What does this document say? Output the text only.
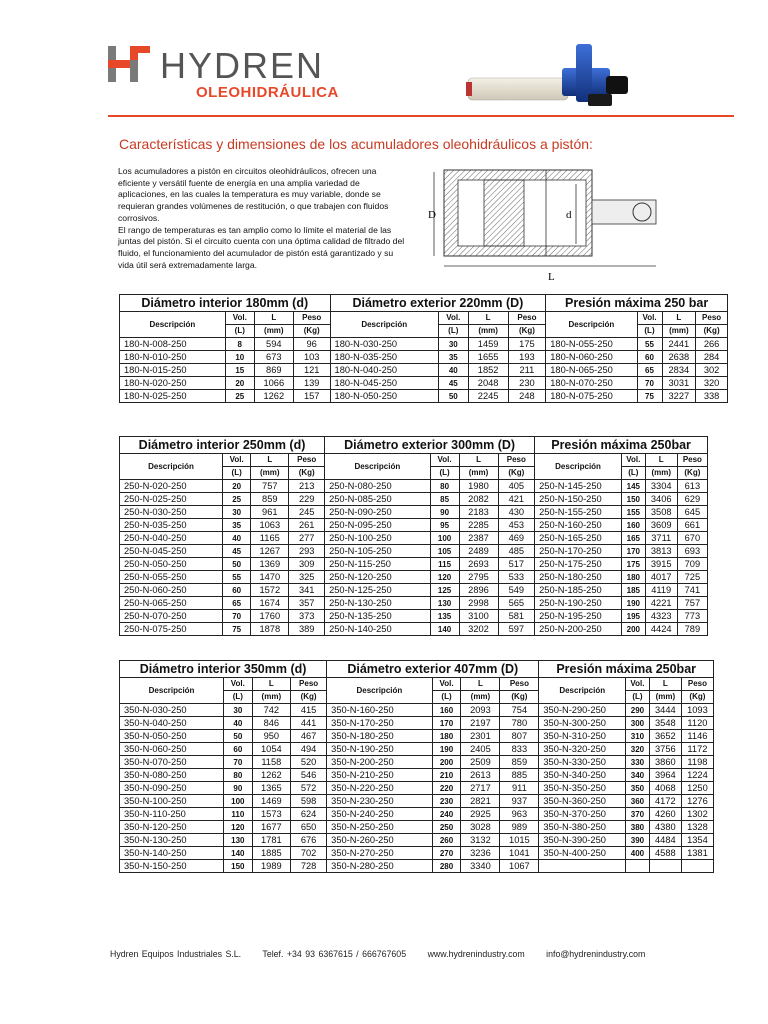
HYDREN
OLEOHIDRÁULICA
Características y dimensiones de los acumuladores oleohidráulicos a pistón:

Los acumuladores a pistón en circuitos oleohidráulicos, ofrecen una eficiente y versátil fuente de energía en una amplia variedad de aplicaciones, en las cuales la temperatura es muy variable, donde se requieran grandes volúmenes de restitución, o que trabajen con fluidos corrosivos.

El rango de temperaturas es tan amplio como lo límite el material de las juntas del pistón. Si el circuito cuenta con una óptima calidad de filtrado del fluido, el funcionamiento del acumulador de pistón está garantizado y su vida útil será extremadamente larga.

D	d
L
Diámetro interior 180mm (d)				Diámetro exterior 220mm (D)				Presión máxima 250 bar			
Descripción	Vol.	L	Peso	Descripción	Vol.	L	Peso	Descripción	Vol.	L	Peso
	(L)	(mm)	(Kg)		(L)	(mm)	(Kg)		(L)	(mm)	(Kg)
180-N-008-250	8	594	96	180-N-030-250	30	1459	175	180-N-055-250	55	2441	266
180-N-010-250	10	673	103	180-N-035-250	35	1655	193	180-N-060-250	60	2638	284
180-N-015-250	15	869	121	180-N-040-250	40	1852	211	180-N-065-250	65	2834	302
180-N-020-250	20	1066	139	180-N-045-250	45	2048	230	180-N-070-250	70	3031	320
180-N-025-250	25	1262	157	180-N-050-250	50	2245	248	180-N-075-250	75	3227	338
Diámetro interior 250mm (d)				Diámetro exterior 300mm (D)				Presión máxima 250bar			
Descripción	Vol.	L	Peso	Descripción	Vol.	L	Peso	Descripción	Vol.	L	Peso
	(L)	(mm)	(Kg)		(L)	(mm)	(Kg)		(L)	(mm)	(Kg)
250-N-020-250	20	757	213	250-N-080-250	80	1980	405	250-N-145-250	145	3304	613
250-N-025-250	25	859	229	250-N-085-250	85	2082	421	250-N-150-250	150	3406	629
250-N-030-250	30	961	245	250-N-090-250	90	2183	430	250-N-155-250	155	3508	645
250-N-035-250	35	1063	261	250-N-095-250	95	2285	453	250-N-160-250	160	3609	661
250-N-040-250	40	1165	277	250-N-100-250	100	2387	469	250-N-165-250	165	3711	670
250-N-045-250	45	1267	293	250-N-105-250	105	2489	485	250-N-170-250	170	3813	693
250-N-050-250	50	1369	309	250-N-115-250	115	2693	517	250-N-175-250	175	3915	709
250-N-055-250	55	1470	325	250-N-120-250	120	2795	533	250-N-180-250	180	4017	725
250-N-060-250	60	1572	341	250-N-125-250	125	2896	549	250-N-185-250	185	4119	741
250-N-065-250	65	1674	357	250-N-130-250	130	2998	565	250-N-190-250	190	4221	757
250-N-070-250	70	1760	373	250-N-135-250	135	3100	581	250-N-195-250	195	4323	773
250-N-075-250	75	1878	389	250-N-140-250	140	3202	597	250-N-200-250	200	4424	789
Diámetro interior 350mm (d)				Diámetro exterior 407mm (D)				Presión máxima 250bar			
Descripción	Vol.	L	Peso	Descripción	Vol.	L	Peso	Descripción	Vol.	L	Peso
	(L)	(mm)	(Kg)		(L)	(mm)	(Kg)		(L)	(mm)	(Kg)
350-N-030-250	30	742	415	350-N-160-250	160	2093	754	350-N-290-250	290	3444	1093
350-N-040-250	40	846	441	350-N-170-250	170	2197	780	350-N-300-250	300	3548	1120
350-N-050-250	50	950	467	350-N-180-250	180	2301	807	350-N-310-250	310	3652	1146
350-N-060-250	60	1054	494	350-N-190-250	190	2405	833	350-N-320-250	320	3756	1172
350-N-070-250	70	1158	520	350-N-200-250	200	2509	859	350-N-330-250	330	3860	1198
350-N-080-250	80	1262	546	350-N-210-250	210	2613	885	350-N-340-250	340	3964	1224
350-N-090-250	90	1365	572	350-N-220-250	220	2717	911	350-N-350-250	350	4068	1250
350-N-100-250	100	1469	598	350-N-230-250	230	2821	937	350-N-360-250	360	4172	1276
350-N-110-250	110	1573	624	350-N-240-250	240	2925	963	350-N-370-250	370	4260	1302
350-N-120-250	120	1677	650	350-N-250-250	250	3028	989	350-N-380-250	380	4380	1328
350-N-130-250	130	1781	676	350-N-260-250	260	3132	1015	350-N-390-250	390	4484	1354
350-N-140-250	140	1885	702	350-N-270-250	270	3236	1041	350-N-400-250	400	4588	1381
350-N-150-250	150	1989	728	350-N-280-250	280	3340	1067				
Hydren Equipos Industriales S.L. Telef. +34 93 6367615 / 666767605 www.hydrenindustry.com info@hydrenindustry.com
